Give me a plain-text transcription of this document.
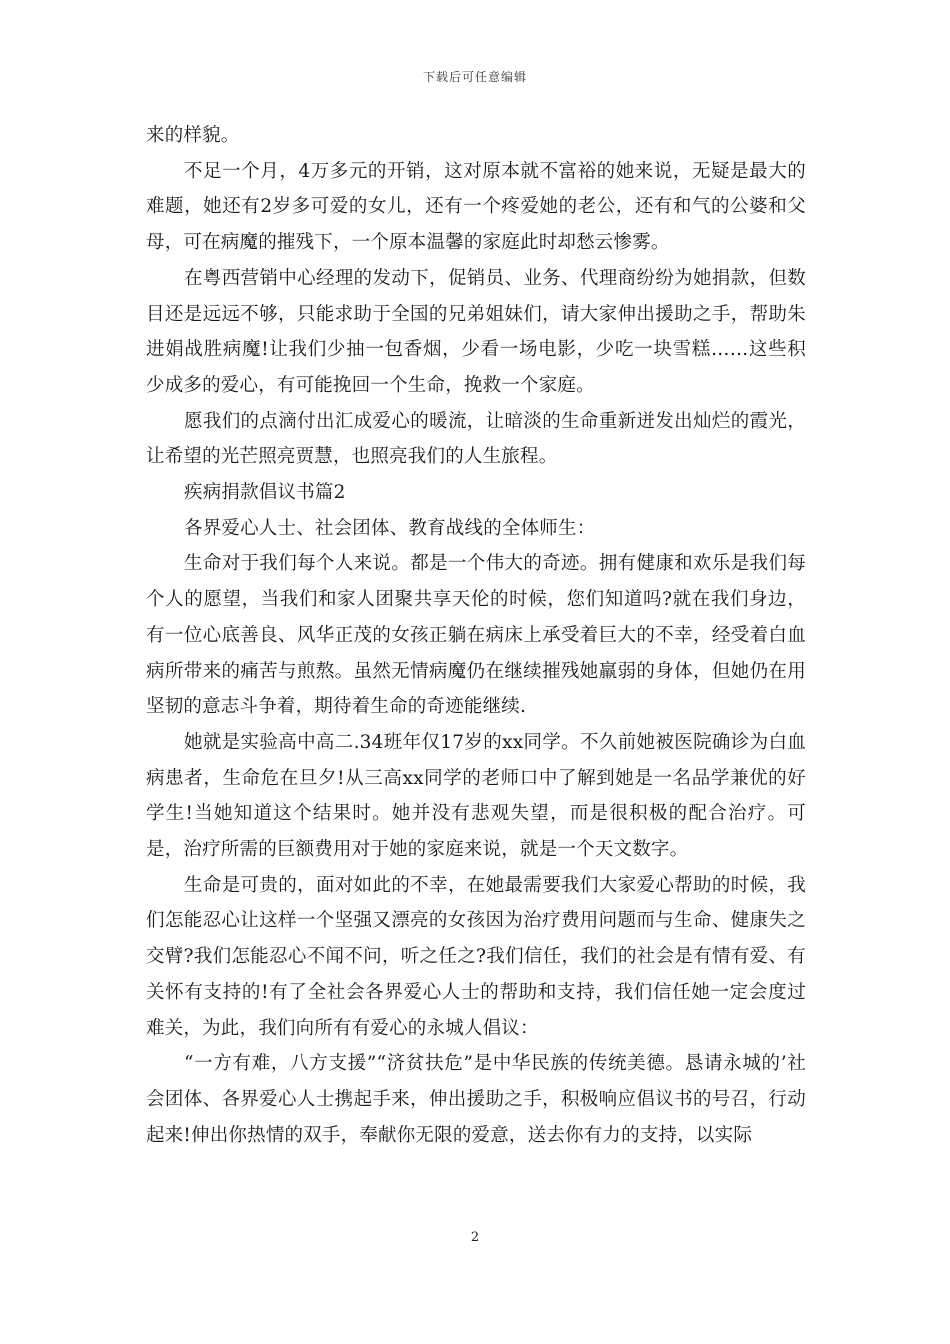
下载后可任意编辑

来的样貌。

不足一个月，4万多元的开销，这对原本就不富裕的她来说，无疑是最大的难题，她还有2岁多可爱的女儿，还有一个疼爱她的老公，还有和气的公婆和父母，可在病魔的摧残下，一个原本温馨的家庭此时却愁云惨雾。

在粤西营销中心经理的发动下，促销员、业务、代理商纷纷为她捐款，但数目还是远远不够，只能求助于全国的兄弟姐妹们，请大家伸出援助之手，帮助朱进娟战胜病魔!让我们少抽一包香烟，少看一场电影，少吃一块雪糕……这些积少成多的爱心，有可能挽回一个生命，挽救一个家庭。

愿我们的点滴付出汇成爱心的暖流，让暗淡的生命重新迸发出灿烂的霞光，让希望的光芒照亮贾慧，也照亮我们的人生旅程。

疾病捐款倡议书篇2

各界爱心人士、社会团体、教育战线的全体师生：

生命对于我们每个人来说。都是一个伟大的奇迹。拥有健康和欢乐是我们每个人的愿望，当我们和家人团聚共享天伦的时候，您们知道吗?就在我们身边，有一位心底善良、风华正茂的女孩正躺在病床上承受着巨大的不幸，经受着白血病所带来的痛苦与煎熬。虽然无情病魔仍在继续摧残她羸弱的身体，但她仍在用坚韧的意志斗争着，期待着生命的奇迹能继续.

她就是实验高中高二.34班年仅17岁的xx同学。不久前她被医院确诊为白血病患者，生命危在旦夕!从三高xx同学的老师口中了解到她是一名品学兼优的好学生!当她知道这个结果时。她并没有悲观失望，而是很积极的配合治疗。可是，治疗所需的巨额费用对于她的家庭来说，就是一个天文数字。

生命是可贵的，面对如此的不幸，在她最需要我们大家爱心帮助的时候，我们怎能忍心让这样一个坚强又漂亮的女孩因为治疗费用问题而与生命、健康失之交臂?我们怎能忍心不闻不问，听之任之?我们信任，我们的社会是有情有爱、有关怀有支持的!有了全社会各界爱心人士的帮助和支持，我们信任她一定会度过难关，为此，我们向所有有爱心的永城人倡议：

“一方有难，八方支援”“济贫扶危”是中华民族的传统美德。恳请永城的’社会团体、各界爱心人士携起手来，伸出援助之手，积极响应倡议书的号召，行动起来!伸出你热情的双手，奉献你无限的爱意，送去你有力的支持，以实际

2
